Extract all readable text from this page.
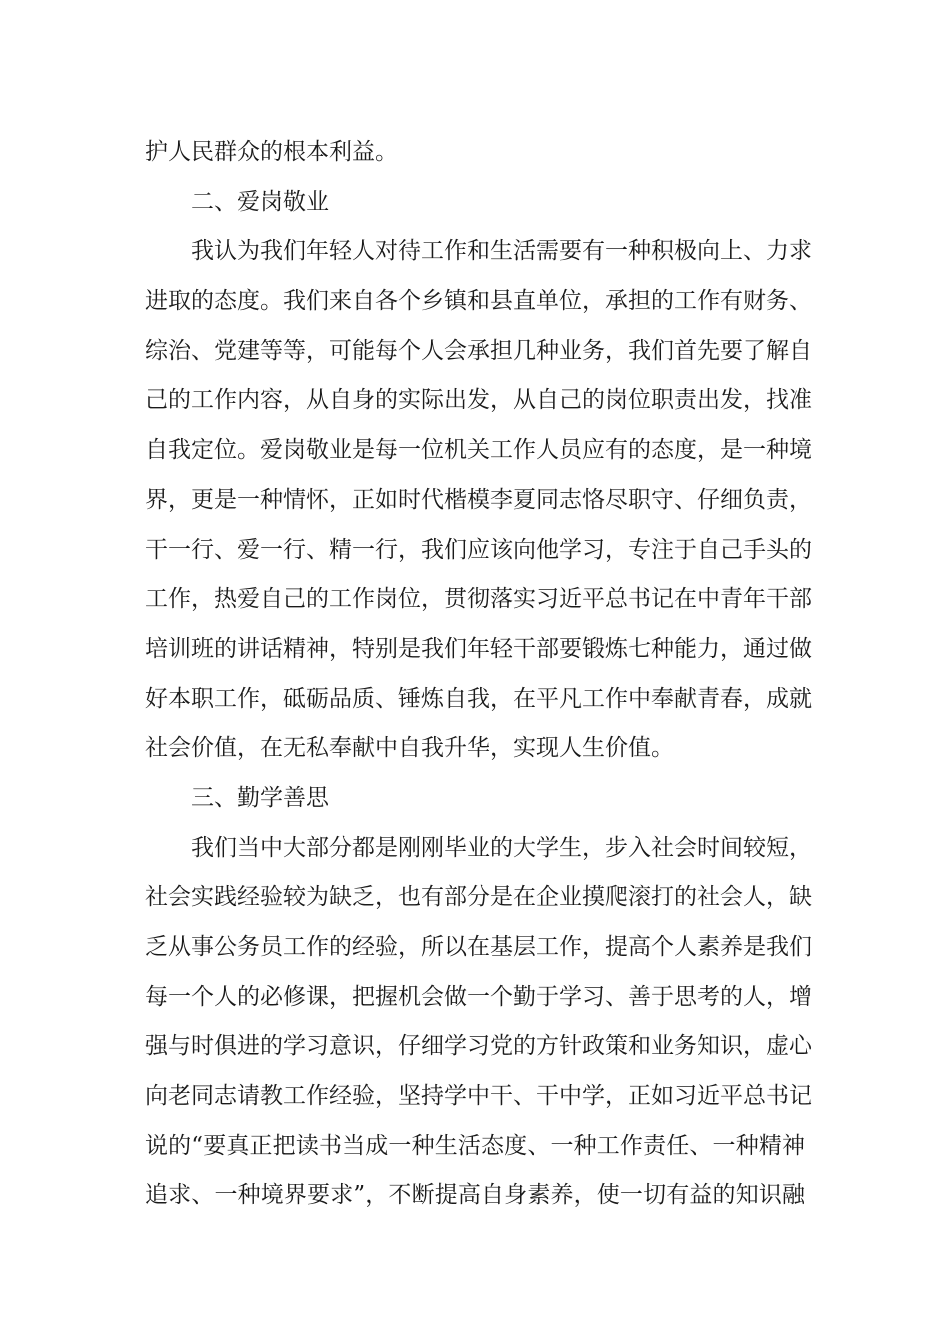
护人民群众的根本利益。
二、爱岗敬业
我认为我们年轻人对待工作和生活需要有一种积极向上、力求
进取的态度。我们来自各个乡镇和县直单位，承担的工作有财务、
综治、党建等等，可能每个人会承担几种业务，我们首先要了解自
己的工作内容，从自身的实际出发，从自己的岗位职责出发，找准
自我定位。爱岗敬业是每一位机关工作人员应有的态度，是一种境
界，更是一种情怀，正如时代楷模李夏同志恪尽职守、仔细负责，
干一行、爱一行、精一行，我们应该向他学习，专注于自己手头的
工作，热爱自己的工作岗位，贯彻落实习近平总书记在中青年干部
培训班的讲话精神，特别是我们年轻干部要锻炼七种能力，通过做
好本职工作，砥砺品质、锤炼自我，在平凡工作中奉献青春，成就
社会价值，在无私奉献中自我升华，实现人生价值。
三、勤学善思
我们当中大部分都是刚刚毕业的大学生，步入社会时间较短，
社会实践经验较为缺乏，也有部分是在企业摸爬滚打的社会人，缺
乏从事公务员工作的经验，所以在基层工作，提高个人素养是我们
每一个人的必修课，把握机会做一个勤于学习、善于思考的人，增
强与时俱进的学习意识，仔细学习党的方针政策和业务知识，虚心
向老同志请教工作经验，坚持学中干、干中学，正如习近平总书记
说的“要真正把读书当成一种生活态度、一种工作责任、一种精神
追求、一种境界要求”，不断提高自身素养，使一切有益的知识融
